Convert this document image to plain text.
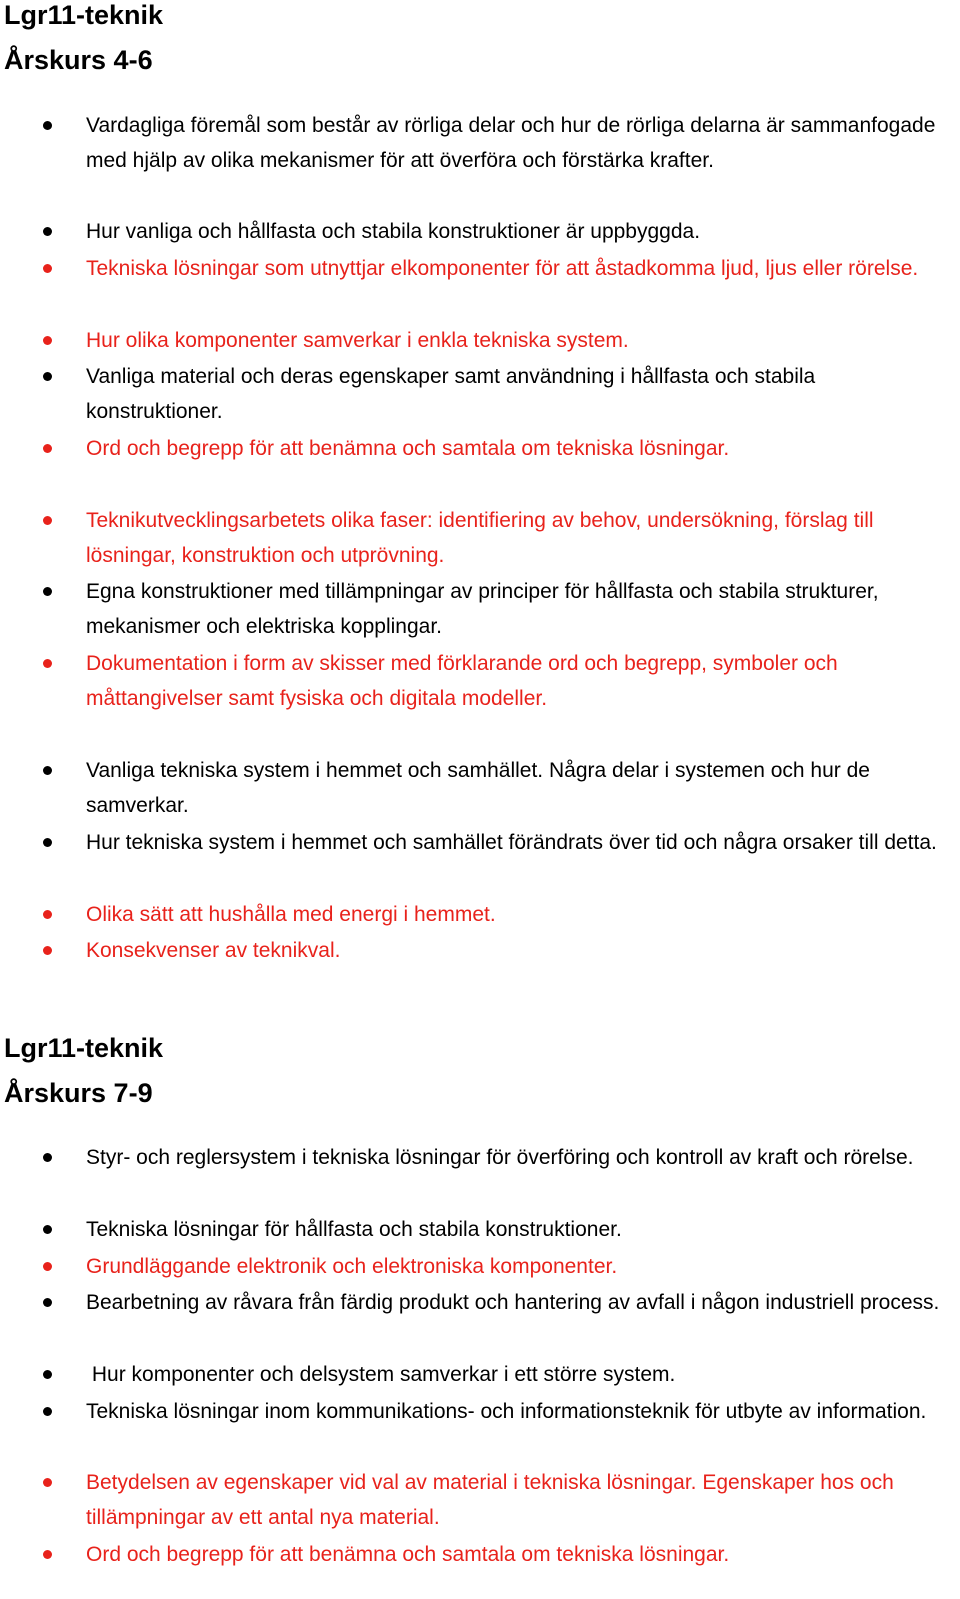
Lgr11-teknik
Årskurs 4-6
Vardagliga föremål som består av rörliga delar och hur de rörliga delarna är sammanfogade med hjälp av olika mekanismer för att överföra och förstärka krafter.
Hur vanliga och hållfasta och stabila konstruktioner är uppbyggda.
Tekniska lösningar som utnyttjar elkomponenter för att åstadkomma ljud, ljus eller rörelse.
Hur olika komponenter samverkar i enkla tekniska system.
Vanliga material och deras egenskaper samt användning i hållfasta och stabila konstruktioner.
Ord och begrepp för att benämna och samtala om tekniska lösningar.
Teknikutvecklingsarbetets olika faser: identifiering av behov, undersökning, förslag till lösningar, konstruktion och utprövning.
Egna konstruktioner med tillämpningar av principer för hållfasta och stabila strukturer, mekanismer och elektriska kopplingar.
Dokumentation i form av skisser med förklarande ord och begrepp, symboler och måttangivelser samt fysiska och digitala modeller.
Vanliga tekniska system i hemmet och samhället. Några delar i systemen och hur de samverkar.
Hur tekniska system i hemmet och samhället förändrats över tid och några orsaker till detta.
Olika sätt att hushålla med energi i hemmet.
Konsekvenser av teknikval.
Lgr11-teknik
Årskurs 7-9
Styr- och reglersystem i tekniska lösningar för överföring och kontroll av kraft och rörelse.
Tekniska lösningar för hållfasta och stabila konstruktioner.
Grundläggande elektronik och elektroniska komponenter.
Bearbetning av råvara från färdig produkt och hantering av avfall i någon industriell process.
Hur komponenter och delsystem samverkar i ett större system.
Tekniska lösningar inom kommunikations- och informationsteknik för utbyte av information.
Betydelsen av egenskaper vid val av material i tekniska lösningar. Egenskaper hos och tillämpningar av ett antal nya material.
Ord och begrepp för att benämna och samtala om tekniska lösningar.
